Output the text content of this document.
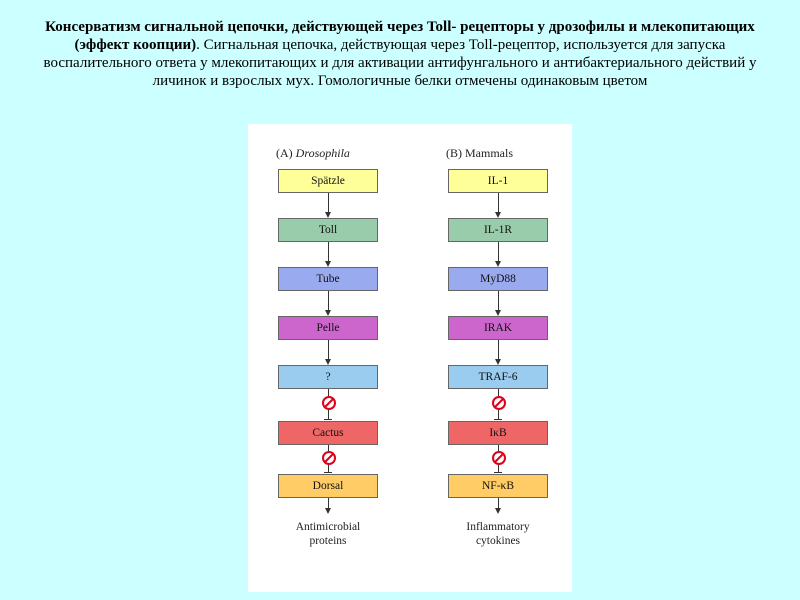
Консерватизм сигнальной цепочки, действующей через Toll- рецепторы у дрозофилы и млекопитающих (эффект коопции). Сигнальная цепочка, действующая через Toll-рецептор, используется для запуска воспалительного ответа у млекопитающих и для активации антифунгального и антибактериального действий у личинок и взрослых мух. Гомологичные белки отмечены одинаковым цветом
(A) Drosophila	(B) Mammals
Spätzle
Toll
Tube
Pelle
?
Cactus
Dorsal
Antimicrobial
proteins
IL-1
IL-1R
MyD88
IRAK
TRAF-6
IκB
NF-κB
Inflammatory
cytokines
